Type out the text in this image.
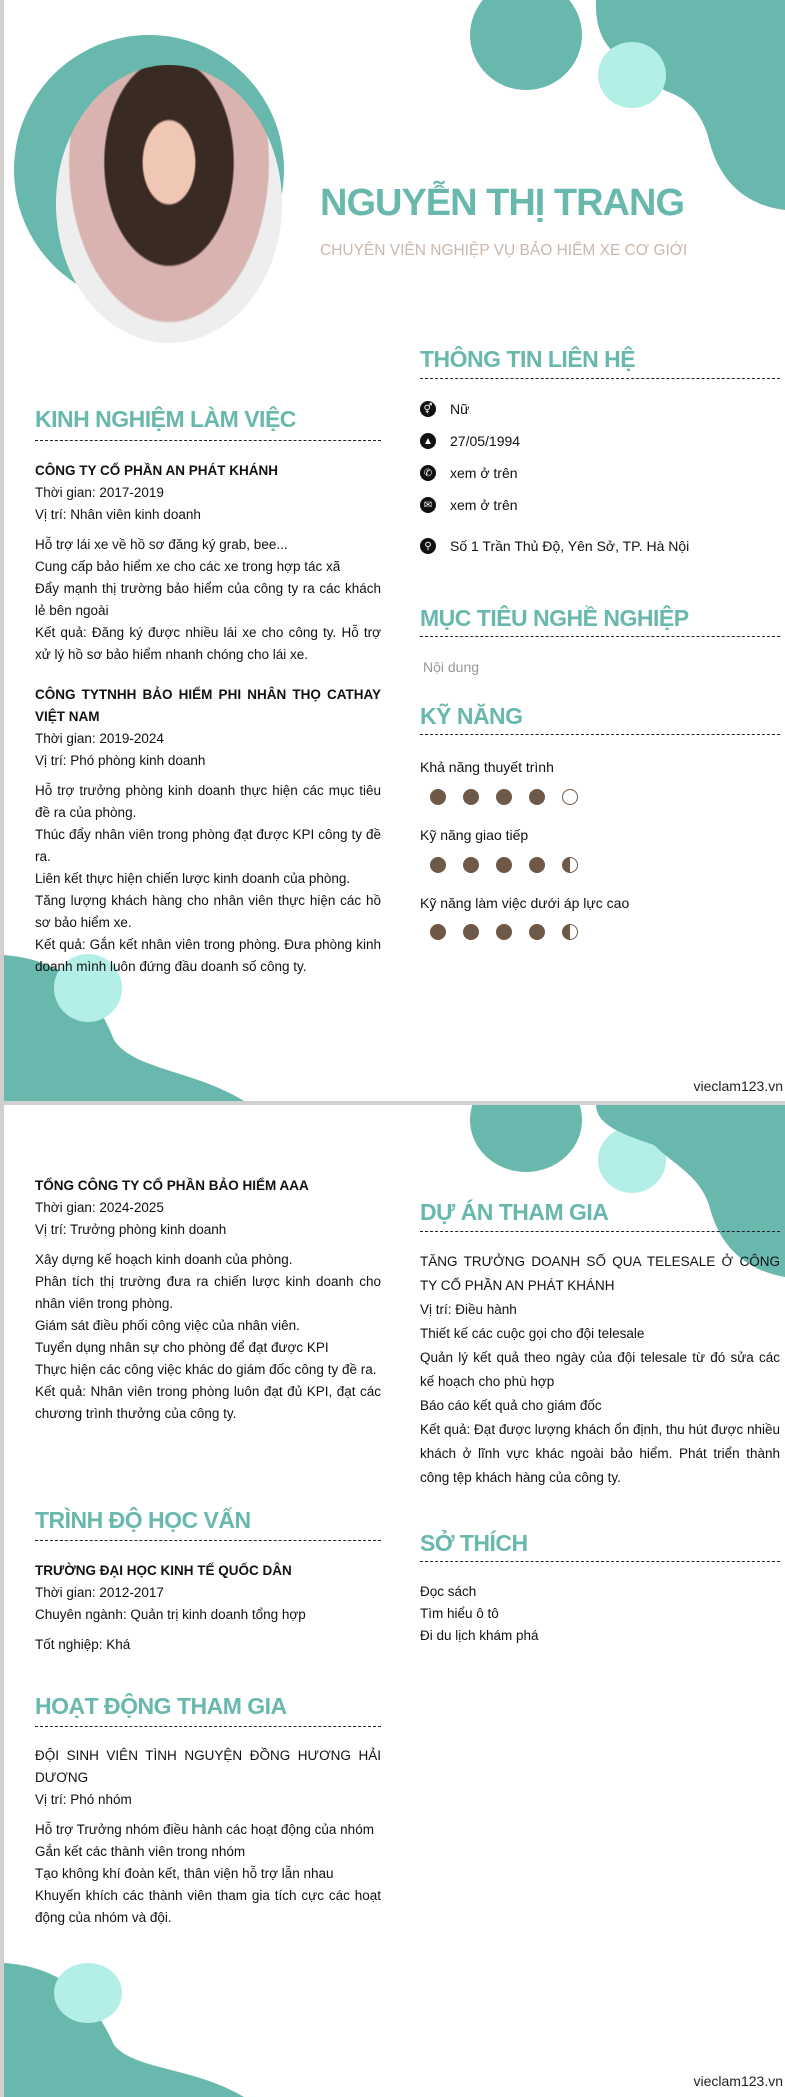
NGUYỄN THỊ TRANG
CHUYÊN VIÊN NGHIỆP VỤ BẢO HIỂM XE CƠ GIỚI
THÔNG TIN LIÊN HỆ
⚥ Nữ
▲ 27/05/1994
✆ xem ở trên
✉ xem ở trên
⚲	Số 1 Trần Thủ Độ, Yên Sở, TP. Hà Nội
MỤC TIÊU NGHỀ NGHIỆP
Nội dung
KỸ NĂNG
Khả năng thuyết trình
Kỹ năng giao tiếp
Kỹ năng làm việc dưới áp lực cao
KINH NGHIỆM LÀM VIỆC

CÔNG TY CỔ PHẦN AN PHÁT KHÁNH

Thời gian: 2017-2019

Vị trí: Nhân viên kinh doanh

Hỗ trợ lái xe về hồ sơ đăng ký grab, bee...

Cung cấp bảo hiểm xe cho các xe trong hợp tác xã

Đẩy mạnh thị trường bảo hiểm của công ty ra các khách lẻ bên ngoài

Kết quả: Đăng ký được nhiều lái xe cho công ty. Hỗ trợ xử lý hồ sơ bảo hiểm nhanh chóng cho lái xe.

CÔNG TYTNHH BẢO HIỂM PHI NHÂN THỌ CATHAY VIỆT NAM

Thời gian: 2019-2024

Vị trí: Phó phòng kinh doanh

Hỗ trợ trưởng phòng kinh doanh thực hiện các mục tiêu đề ra của phòng.

Thúc đẩy nhân viên trong phòng đạt được KPI công ty đề ra.

Liên kết thực hiện chiến lược kinh doanh của phòng.

Tăng lượng khách hàng cho nhân viên thực hiện các hồ sơ bảo hiểm xe.

Kết quả: Gắn kết nhân viên trong phòng. Đưa phòng kinh doanh mình luôn đứng đầu doanh số công ty.

vieclam123.vn

TỔNG CÔNG TY CỔ PHẦN BẢO HIỂM AAA

Thời gian: 2024-2025

Vị trí: Trưởng phòng kinh doanh

Xây dựng kế hoạch kinh doanh của phòng.

Phân tích thị trường đưa ra chiến lược kinh doanh cho nhân viên trong phòng.

Giám sát điều phối công việc của nhân viên.

Tuyển dụng nhân sự cho phòng để đạt được KPI

Thực hiện các công việc khác do giám đốc công ty đề ra.

Kết quả: Nhân viên trong phòng luôn đạt đủ KPI, đạt các chương trình thưởng của công ty.

DỰ ÁN THAM GIA

TĂNG TRƯỞNG DOANH SỐ QUA TELESALE Ở CÔNG TY CỔ PHẦN AN PHÁT KHÁNH

Vị trí: Điều hành

Thiết kế các cuộc gọi cho đội telesale

Quản lý kết quả theo ngày của đội telesale từ đó sửa các kế hoạch cho phù hợp

Báo cáo kết quả cho giám đốc

Kết quả: Đạt được lượng khách ổn định, thu hút được nhiều khách ở lĩnh vực khác ngoài bảo hiểm. Phát triển thành công tệp khách hàng của công ty.

TRÌNH ĐỘ HỌC VẤN

TRƯỜNG ĐẠI HỌC KINH TẾ QUỐC DÂN

Thời gian: 2012-2017

Chuyên ngành: Quản trị kinh doanh tổng hợp

Tốt nghiệp: Khá

SỞ THÍCH

Đọc sách

Tìm hiểu ô tô

Đi du lịch khám phá

HOẠT ĐỘNG THAM GIA

ĐỘI SINH VIÊN TÌNH NGUYỆN ĐỒNG HƯƠNG HẢI DƯƠNG

Vị trí: Phó nhóm

Hỗ trợ Trưởng nhóm điều hành các hoạt động của nhóm

Gắn kết các thành viên trong nhóm

Tạo không khí đoàn kết, thân viện hỗ trợ lẫn nhau

Khuyến khích các thành viên tham gia tích cực các hoạt động của nhóm và đội.

vieclam123.vn
